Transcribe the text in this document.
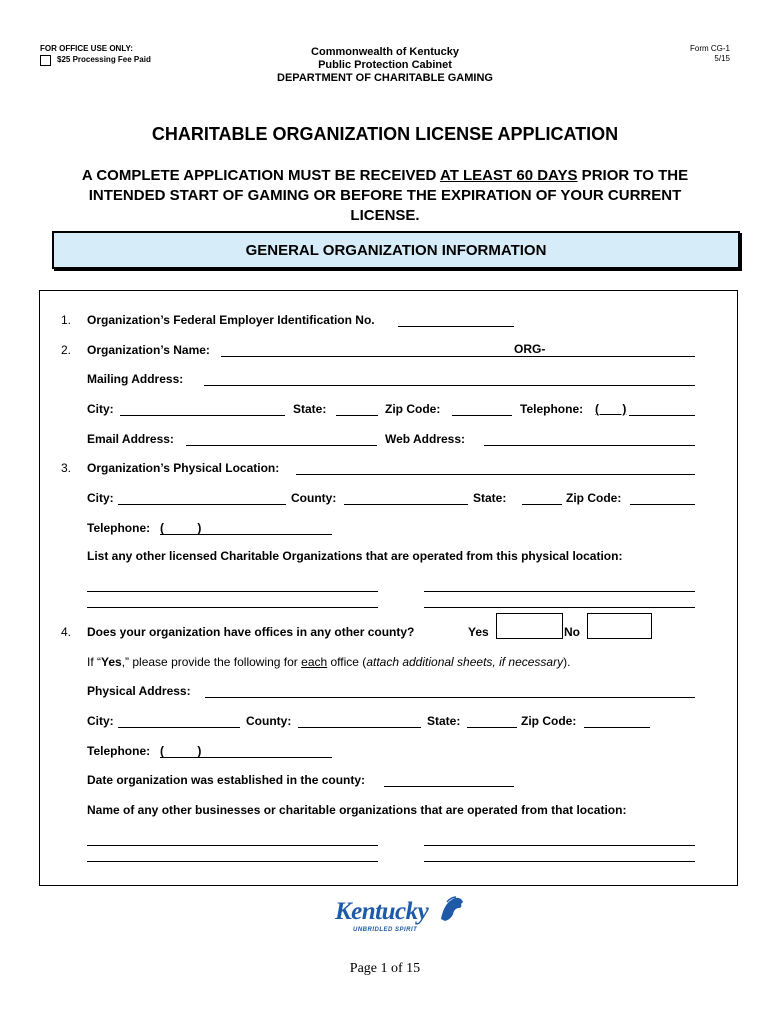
FOR OFFICE USE ONLY:
$25 Processing Fee Paid
Commonwealth of Kentucky
Public Protection Cabinet
DEPARTMENT OF CHARITABLE GAMING
Form CG-1
5/15
CHARITABLE ORGANIZATION LICENSE APPLICATION
A COMPLETE APPLICATION MUST BE RECEIVED AT LEAST 60 DAYS PRIOR TO THE
INTENDED START OF GAMING OR BEFORE THE EXPIRATION OF YOUR CURRENT
LICENSE.
GENERAL ORGANIZATION INFORMATION
1. Organization’s Federal Employer Identification No.
2. Organization’s Name:	ORG-
Mailing Address:
City:	State:	Zip Code:	Telephone: (       )
Email Address:	Web Address:
3. Organization’s Physical Location:
City:	County:	State:	Zip Code:
Telephone: (          )
List any other licensed Charitable Organizations that are operated from this physical location:
4. Does your organization have offices in any other county?	Yes	No
If “Yes,” please provide the following for each office (attach additional sheets, if necessary).
Physical Address:
City:	County:	State:	Zip Code:
Telephone: (          )
Date organization was established in the county:
Name of any other businesses or charitable organizations that are operated from that location:
Kentucky
UNBRIDLED SPIRIT
Page 1 of 15
